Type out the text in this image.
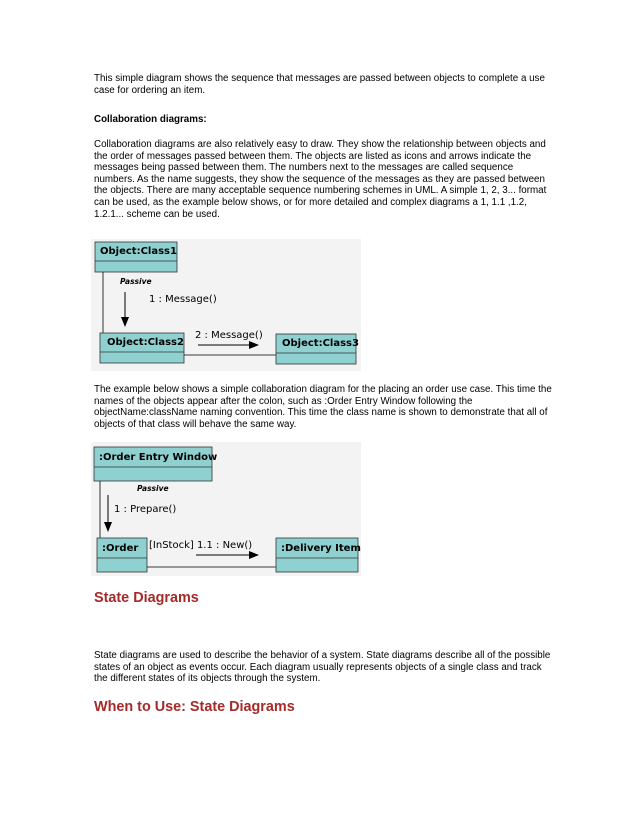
This simple diagram shows the sequence that messages are passed between objects to complete a use case for ordering an item.

Collaboration diagrams:

Collaboration diagrams are also relatively easy to draw. They show the relationship between objects and the order of messages passed between them. The objects are listed as icons and arrows indicate the messages being passed between them. The numbers next to the messages are called sequence numbers. As the name suggests, they show the sequence of the messages as they are passed between the objects. There are many acceptable sequence numbering schemes in UML. A simple 1, 2, 3... format can be used, as the example below shows, or for more detailed and complex diagrams a 1, 1.1 ,1.2, 1.2.1... scheme can be used.

Object:Class1
Passive
1 : Message()
Object:Class2
2 : Message()
Object:Class3

The example below shows a simple collaboration diagram for the placing an order use case. This time the names of the objects appear after the colon, such as :Order Entry Window following the objectName:className naming convention. This time the class name is shown to demonstrate that all of objects of that class will behave the same way.

:Order Entry Window
Passive
1 : Prepare()
:Order [InStock] 1.1 : New()	:Delivery Item
State Diagrams

State diagrams are used to describe the behavior of a system. State diagrams describe all of the possible states of an object as events occur. Each diagram usually represents objects of a single class and track the different states of its objects through the system.

When to Use: State Diagrams
